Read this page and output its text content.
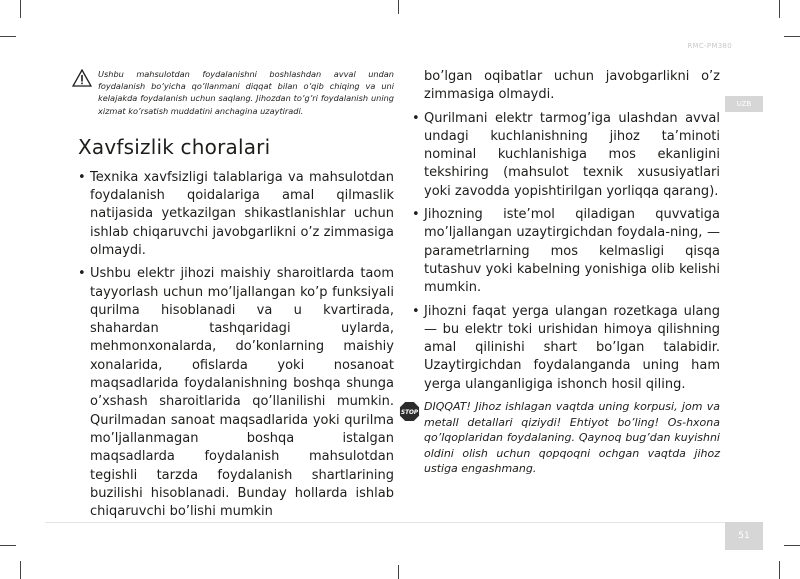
RMC-PM380
UZB
51
Ushbu mahsulotdan foydalanishni boshlashdan avval undan foydalanish bo’yicha qo’llanmani diqqat bilan o’qib chiqing va uni kelajakda foydalanish uchun saqlang. Jihozdan to’g’ri foydalanish uning xizmat ko’rsatish muddatini anchagina uzaytiradi.
Xavfsizlik choralari
• Texnika xavfsizligi talablariga va mahsulotdan foydalanish qoidalariga amal qilmaslik natijasida yetkazilgan shikastlanishlar uchun ishlab chiqaruvchi javobgarlikni o’z zimmasiga olmaydi.
• Ushbu elektr jihozi maishiy sharoitlarda taom tayyorlash uchun mo’ljallangan ko’p funksiyali qurilma hisoblanadi va u kvartirada, shahardan tashqaridagi uylarda, mehmonxonalarda, do’konlarning maishiy xonalarida, ofislarda yoki nosanoat maqsadlarida foydalanishning boshqa shunga o’xshash sharoitlarida qo’llanilishi mumkin. Qurilmadan sanoat maqsadlarida yoki qurilma mo’ljallanmagan boshqa istalgan maqsadlarda foydalanish mahsulotdan tegishli tarzda foydalanish shartlarining buzilishi hisoblanadi. Bunday hollarda ishlab chiqaruvchi bo’lishi mumkin

bo’lgan oqibatlar uchun javobgarlikni o’z zimmasiga olmaydi.

• Qurilmani elektr tarmog’iga ulashdan avval undagi kuchlanishning jihoz ta’minoti nominal kuchlanishiga mos ekanligini tekshiring (mahsulot texnik xususiyatlari yoki zavodda yopishtirilgan yorliqqa qarang).
• Jihozning iste’mol qiladigan quvvatiga mo’ljallangan uzaytirgichdan foydala-ning, — parametrlarning mos kelmasligi qisqa tutashuv yoki kabelning yonishiga olib kelishi mumkin.
• Jihozni faqat yerga ulangan rozetkaga ulang — bu elektr toki urishidan himoya qilishning amal qilinishi shart bo’lgan talabidir. Uzaytirgichdan foydalanganda uning ham yerga ulanganligiga ishonch hosil qiling.
STOP DIQQAT! Jihoz ishlagan vaqtda uning korpusi, jom va metall detallari qiziydi! Ehtiyot bo’ling! Os-hxona qo’lqoplaridan foydalaning. Qaynoq bug’dan kuyishni oldini olish uchun qopqoqni ochgan vaqtda jihoz ustiga engashmang.
